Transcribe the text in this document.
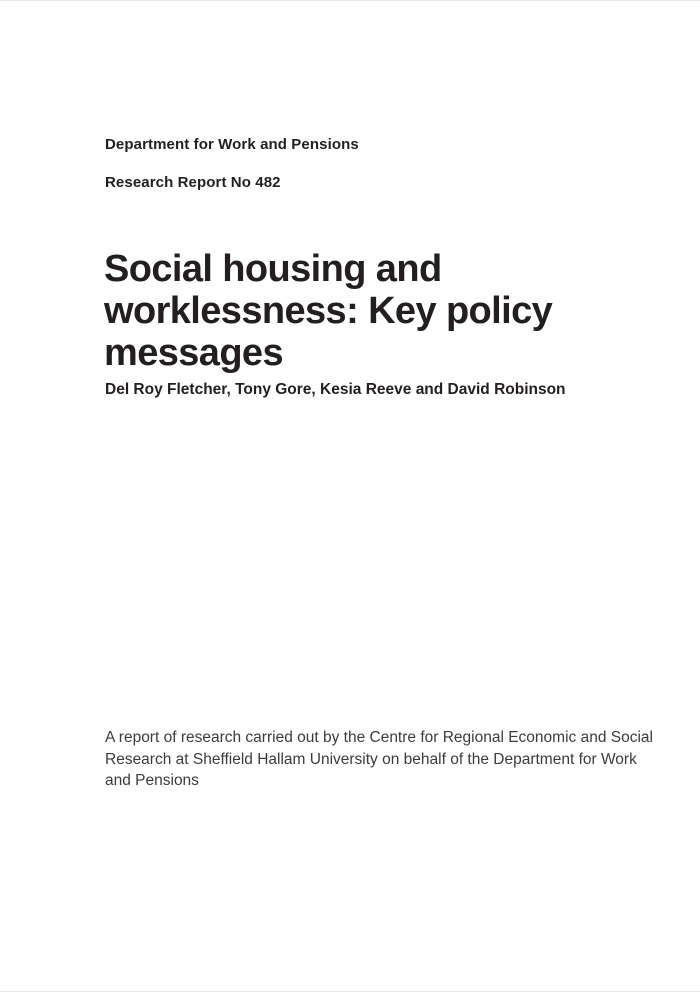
Department for Work and Pensions
Research Report No 482
Social housing and
worklessness: Key policy
messages
Del Roy Fletcher, Tony Gore, Kesia Reeve and David Robinson
A report of research carried out by the Centre for Regional Economic and Social
Research at Sheffield Hallam University on behalf of the Department for Work
and Pensions
